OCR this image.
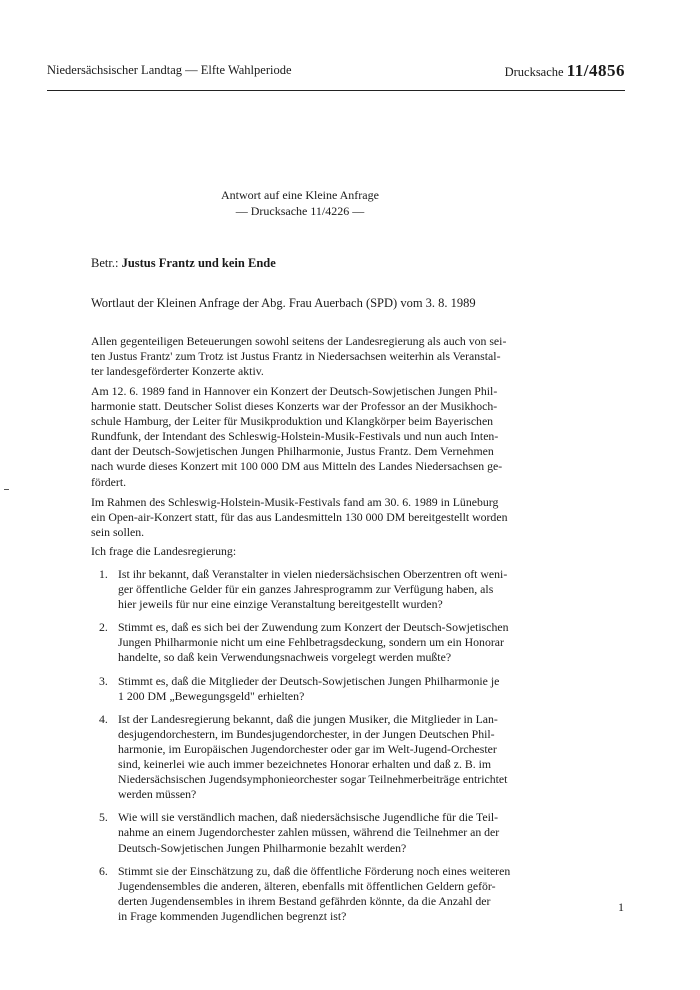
Niedersächsischer Landtag — Elfte Wahlperiode	Drucksache 11/4856
Antwort auf eine Kleine Anfrage
— Drucksache 11/4226 —
Betr.: Justus Frantz und kein Ende
Wortlaut der Kleinen Anfrage der Abg. Frau Auerbach (SPD) vom 3. 8. 1989
Allen gegenteiligen Beteuerungen sowohl seitens der Landesregierung als auch von sei-
ten Justus Frantz' zum Trotz ist Justus Frantz in Niedersachsen weiterhin als Veranstal-
ter landesgeförderter Konzerte aktiv.
Am 12. 6. 1989 fand in Hannover ein Konzert der Deutsch-Sowjetischen Jungen Phil-
harmonie statt. Deutscher Solist dieses Konzerts war der Professor an der Musikhoch-
schule Hamburg, der Leiter für Musikproduktion und Klangkörper beim Bayerischen
Rundfunk, der Intendant des Schleswig-Holstein-Musik-Festivals und nun auch Inten-
dant der Deutsch-Sowjetischen Jungen Philharmonie, Justus Frantz. Dem Vernehmen
nach wurde dieses Konzert mit 100 000 DM aus Mitteln des Landes Niedersachsen ge-
fördert.
Im Rahmen des Schleswig-Holstein-Musik-Festivals fand am 30. 6. 1989 in Lüneburg
ein Open-air-Konzert statt, für das aus Landesmitteln 130 000 DM bereitgestellt worden
sein sollen.
Ich frage die Landesregierung:
1. Ist ihr bekannt, daß Veranstalter in vielen niedersächsischen Oberzentren oft weni-
ger öffentliche Gelder für ein ganzes Jahresprogramm zur Verfügung haben, als
hier jeweils für nur eine einzige Veranstaltung bereitgestellt wurden?
2. Stimmt es, daß es sich bei der Zuwendung zum Konzert der Deutsch-Sowjetischen
Jungen Philharmonie nicht um eine Fehlbetragsdeckung, sondern um ein Honorar
handelte, so daß kein Verwendungsnachweis vorgelegt werden mußte?
3. Stimmt es, daß die Mitglieder der Deutsch-Sowjetischen Jungen Philharmonie je
1 200 DM „Bewegungsgeld" erhielten?
4. Ist der Landesregierung bekannt, daß die jungen Musiker, die Mitglieder in Lan-
desjugendorchestern, im Bundesjugendorchester, in der Jungen Deutschen Phil-
harmonie, im Europäischen Jugendorchester oder gar im Welt-Jugend-Orchester
sind, keinerlei wie auch immer bezeichnetes Honorar erhalten und daß z. B. im
Niedersächsischen Jugendsymphonieorchester sogar Teilnehmerbeiträge entrichtet
werden müssen?
5. Wie will sie verständlich machen, daß niedersächsische Jugendliche für die Teil-
nahme an einem Jugendorchester zahlen müssen, während die Teilnehmer an der
Deutsch-Sowjetischen Jungen Philharmonie bezahlt werden?
6. Stimmt sie der Einschätzung zu, daß die öffentliche Förderung noch eines weiteren
Jugendensembles die anderen, älteren, ebenfalls mit öffentlichen Geldern geför-
derten Jugendensembles in ihrem Bestand gefährden könnte, da die Anzahl der
in Frage kommenden Jugendlichen begrenzt ist?
1
